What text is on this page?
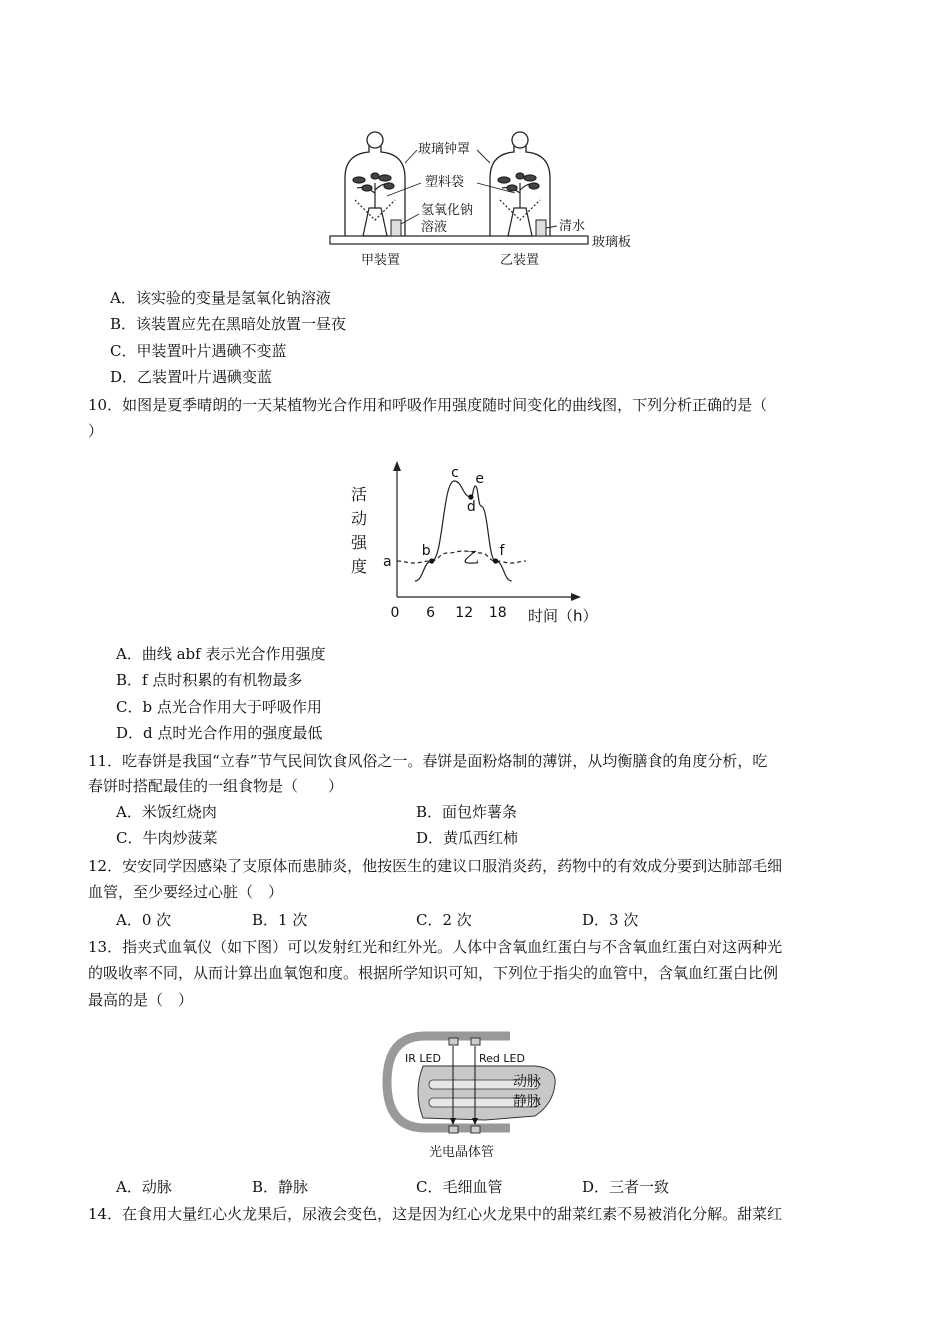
玻璃钟罩
塑料袋
氢氧化钠
溶液	清水
玻璃板
甲装置	乙装置
A．该实验的变量是氢氧化钠溶液
B．该装置应先在黑暗处放置一昼夜
C．甲装置叶片遇碘不变蓝
D．乙装置叶片遇碘变蓝
10．如图是夏季晴朗的一天某植物光合作用和呼吸作用强度随时间变化的曲线图，下列分析正确的是（
）
活
动
强
度
0 6 12 18
a
b
c
d
e
f
乙
时间（h）
A．曲线 abf 表示光合作用强度
B．f 点时积累的有机物最多
C．b 点光合作用大于呼吸作用
D．d 点时光合作用的强度最低
11．吃春饼是我国“立春”节气民间饮食风俗之一。春饼是面粉烙制的薄饼，从均衡膳食的角度分析，吃
春饼时搭配最佳的一组食物是（　　）
A．米饭红烧肉	B．面包炸薯条
C．牛肉炒菠菜	D．黄瓜西红柿
12．安安同学因感染了支原体而患肺炎，他按医生的建议口服消炎药，药物中的有效成分要到达肺部毛细
血管，至少要经过心脏（　）
A．0 次	B．1 次	C．2 次	D．3 次
13．指夹式血氧仪（如下图）可以发射红光和红外光。人体中含氧血红蛋白与不含氧血红蛋白对这两种光
的吸收率不同，从而计算出血氧饱和度。根据所学知识可知，下列位于指尖的血管中，含氧血红蛋白比例
最高的是（　）
IR LED	Red LED
动脉
静脉
光电晶体管
A．动脉	B．静脉	C．毛细血管	D．三者一致
14．在食用大量红心火龙果后，尿液会变色，这是因为红心火龙果中的甜菜红素不易被消化分解。甜菜红
